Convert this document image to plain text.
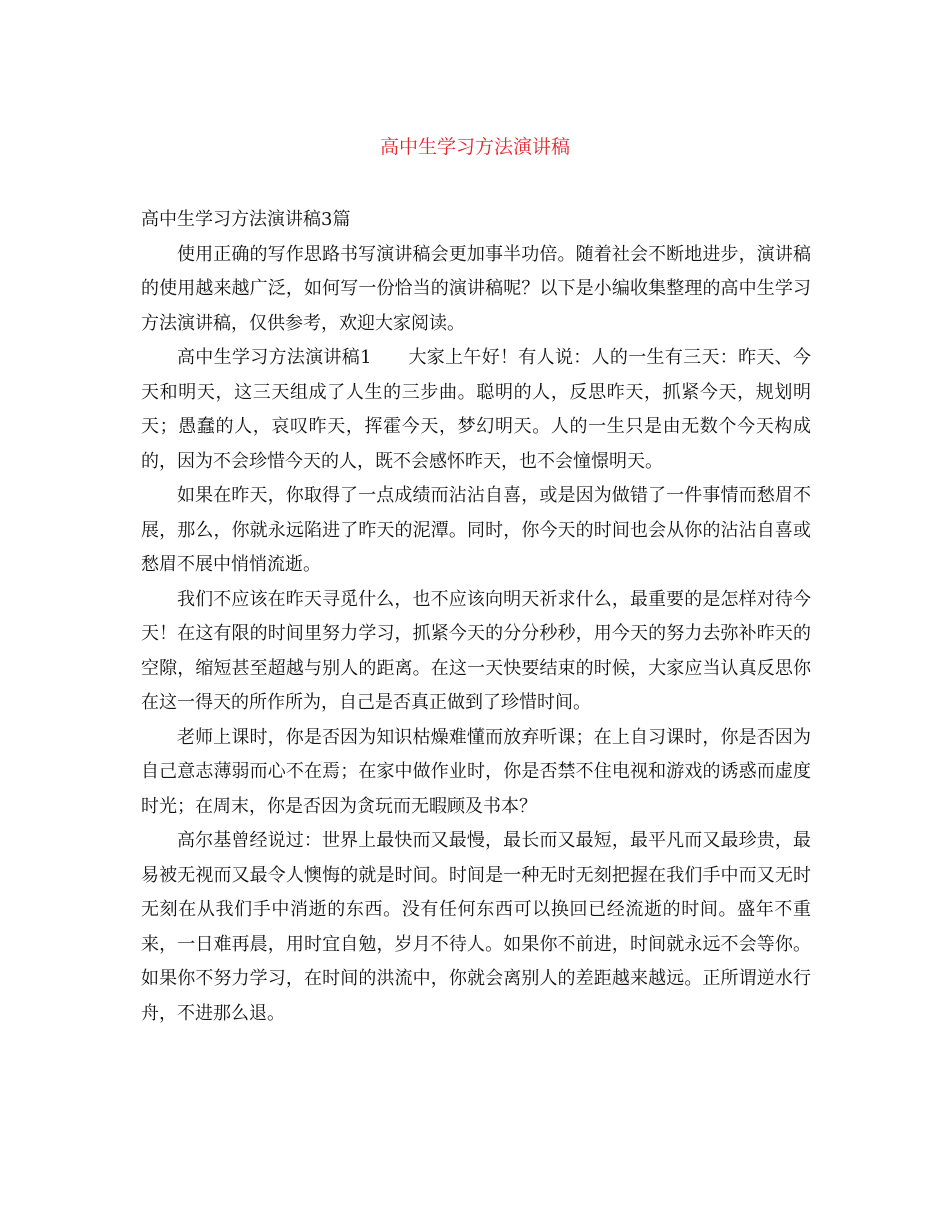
高中生学习方法演讲稿

高中生学习方法演讲稿3篇

使用正确的写作思路书写演讲稿会更加事半功倍。随着社会不断地进步，演讲稿的使用越来越广泛，如何写一份恰当的演讲稿呢？以下是小编收集整理的高中生学习方法演讲稿，仅供参考，欢迎大家阅读。

高中生学习方法演讲稿1　　大家上午好！有人说：人的一生有三天：昨天、今天和明天，这三天组成了人生的三步曲。聪明的人，反思昨天，抓紧今天，规划明天；愚蠢的人，哀叹昨天，挥霍今天，梦幻明天。人的一生只是由无数个今天构成的，因为不会珍惜今天的人，既不会感怀昨天，也不会憧憬明天。

如果在昨天，你取得了一点成绩而沾沾自喜，或是因为做错了一件事情而愁眉不展，那么，你就永远陷进了昨天的泥潭。同时，你今天的时间也会从你的沾沾自喜或愁眉不展中悄悄流逝。

我们不应该在昨天寻觅什么，也不应该向明天祈求什么，最重要的是怎样对待今天！在这有限的时间里努力学习，抓紧今天的分分秒秒，用今天的努力去弥补昨天的空隙，缩短甚至超越与别人的距离。在这一天快要结束的时候，大家应当认真反思你在这一得天的所作所为，自己是否真正做到了珍惜时间。

老师上课时，你是否因为知识枯燥难懂而放弃听课；在上自习课时，你是否因为自己意志薄弱而心不在焉；在家中做作业时，你是否禁不住电视和游戏的诱惑而虚度时光；在周末，你是否因为贪玩而无暇顾及书本？

高尔基曾经说过：世界上最快而又最慢，最长而又最短，最平凡而又最珍贵，最易被无视而又最令人懊悔的就是时间。时间是一种无时无刻把握在我们手中而又无时无刻在从我们手中消逝的东西。没有任何东西可以换回已经流逝的时间。盛年不重来，一日难再晨，用时宜自勉，岁月不待人。如果你不前进，时间就永远不会等你。如果你不努力学习，在时间的洪流中，你就会离别人的差距越来越远。正所谓逆水行舟，不进那么退。
